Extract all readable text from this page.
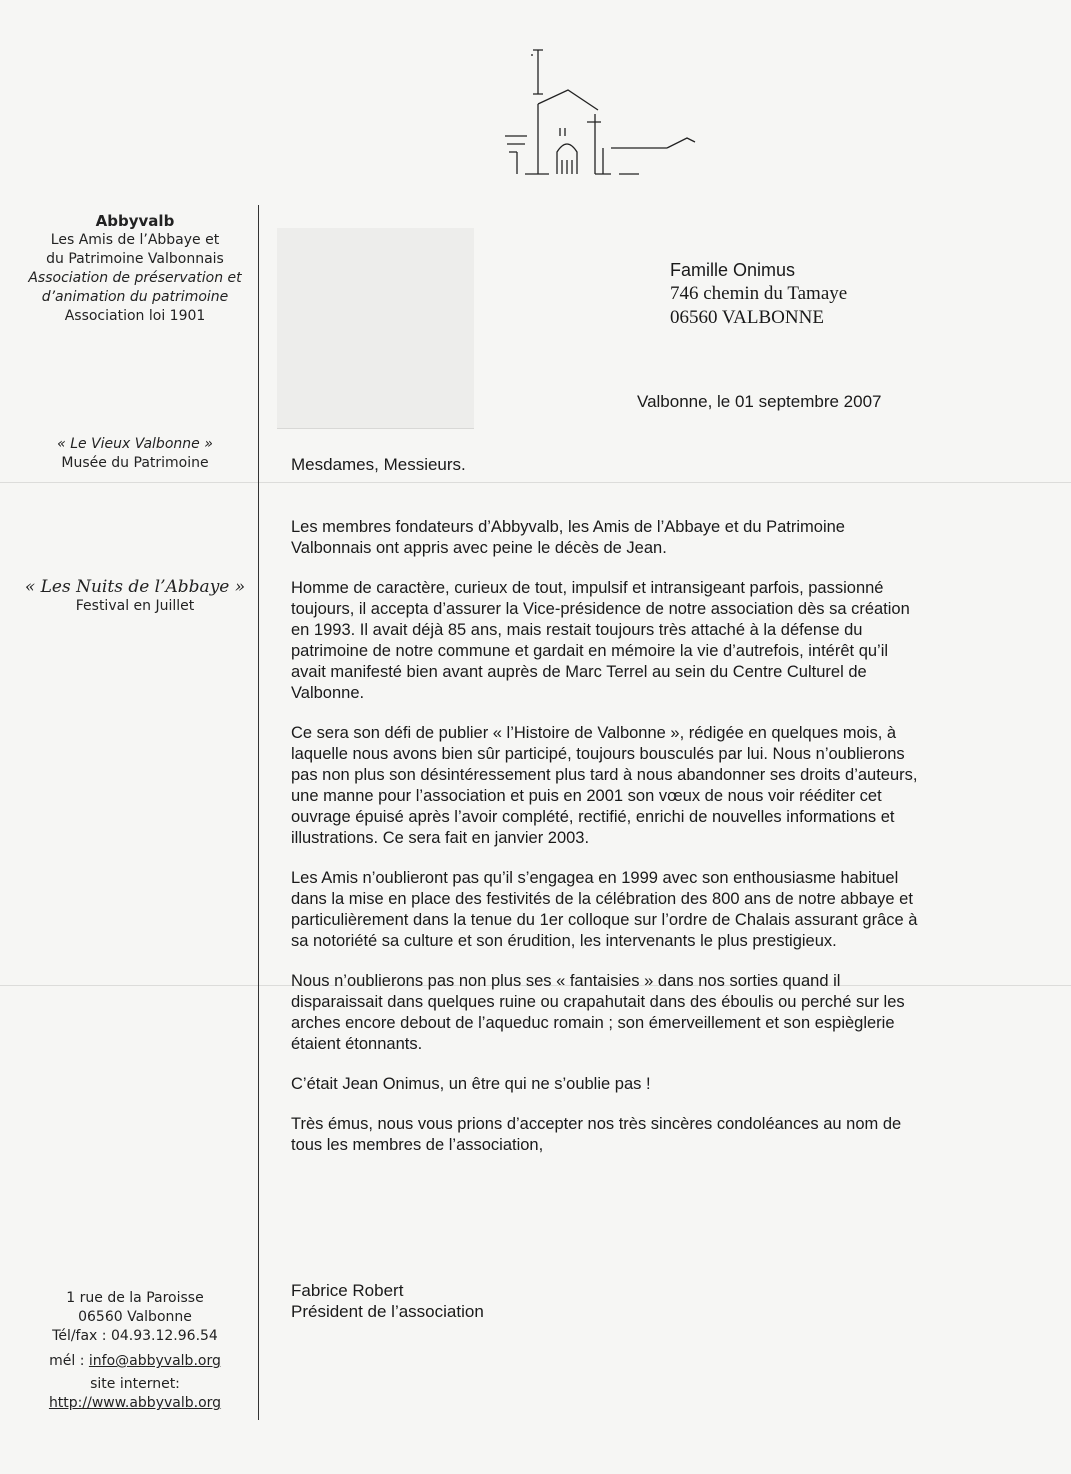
Abbyvalb
Les Amis de l’Abbaye et
du Patrimoine Valbonnais
Association de préservation et
d’animation du patrimoine
Association loi 1901
« Le Vieux Valbonne »
Musée du Patrimoine
« Les Nuits de l’Abbaye »
Festival en Juillet
1 rue de la Paroisse
06560 Valbonne
Tél/fax : 04.93.12.96.54
mél : info@abbyvalb.org
site internet:
http://www.abbyvalb.org
​
Famille Onimus
746 chemin du Tamaye
06560 VALBONNE
Valbonne, le 01 septembre 2007
Mesdames, Messieurs.

Les membres fondateurs d’Abbyvalb, les Amis de l’Abbaye et du Patrimoine Valbonnais ont appris avec peine le décès de Jean.

Homme de caractère, curieux de tout, impulsif et intransigeant parfois, passionné toujours, il accepta d’assurer la Vice-présidence de notre association dès sa création en 1993. Il avait déjà 85 ans, mais restait toujours très attaché à la défense du patrimoine de notre commune et gardait en mémoire la vie d’autrefois, intérêt qu’il avait manifesté bien avant auprès de Marc Terrel au sein du Centre Culturel de Valbonne.

Ce sera son défi de publier « l’Histoire de Valbonne », rédigée en quelques mois, à laquelle nous avons bien sûr participé, toujours bousculés par lui. Nous n’oublierons pas non plus son désintéressement plus tard à nous abandonner ses droits d’auteurs, une manne pour l’association et puis en 2001 son vœux de nous voir rééditer cet ouvrage épuisé après l’avoir complété, rectifié, enrichi de nouvelles informations et illustrations. Ce sera fait en janvier 2003.

Les Amis n’oublieront pas qu’il s’engagea en 1999 avec son enthousiasme habituel dans la mise en place des festivités de la célébration des 800 ans de notre abbaye et particulièrement dans la tenue du 1er colloque sur l’ordre de Chalais assurant grâce à sa notoriété sa culture et son érudition, les intervenants le plus prestigieux.

Nous n’oublierons pas non plus ses « fantaisies » dans nos sorties quand il disparaissait dans quelques ruine ou crapahutait dans des éboulis ou perché sur les arches encore debout de l’aqueduc romain ; son émerveillement et son espièglerie étaient étonnants.

C’était Jean Onimus, un être qui ne s’oublie pas !

Très émus, nous vous prions d’accepter nos très sincères condoléances au nom de tous les membres de l’association,

Fabrice Robert
Président de l’association
